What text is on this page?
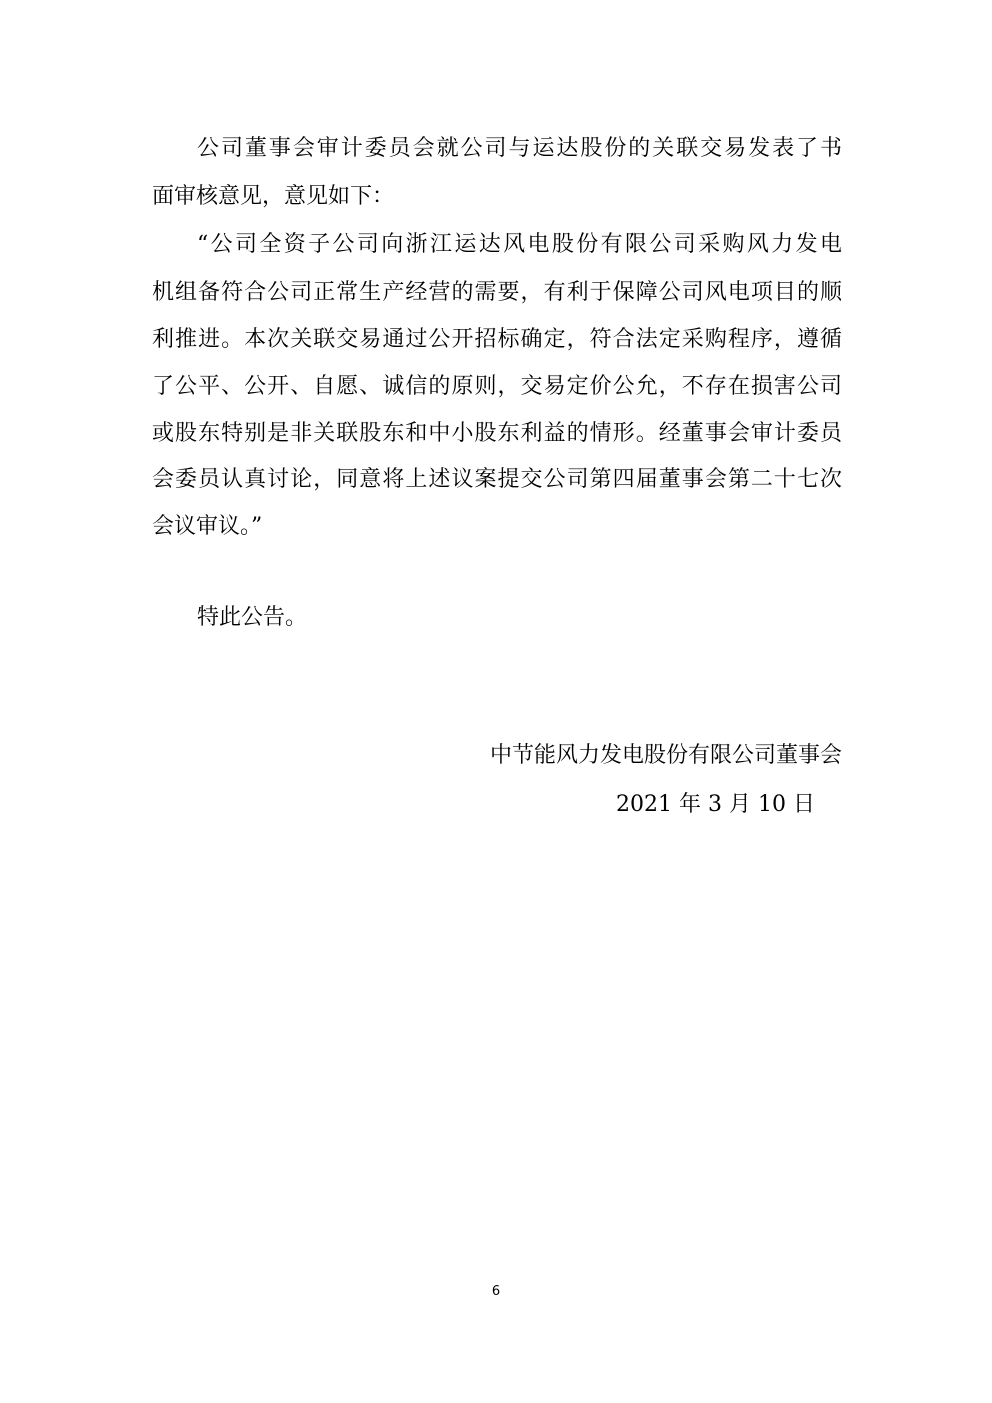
公司董事会审计委员会就公司与运达股份的关联交易发表了书
面审核意见，意见如下：
“公司全资子公司向浙江运达风电股份有限公司采购风力发电
机组备符合公司正常生产经营的需要，有利于保障公司风电项目的顺
利推进。本次关联交易通过公开招标确定，符合法定采购程序，遵循
了公平、公开、自愿、诚信的原则，交易定价公允，不存在损害公司
或股东特别是非关联股东和中小股东利益的情形。经董事会审计委员
会委员认真讨论，同意将上述议案提交公司第四届董事会第二十七次
会议审议。”
特此公告。
中节能风力发电股份有限公司董事会
2021 年 3 月 10 日
6
